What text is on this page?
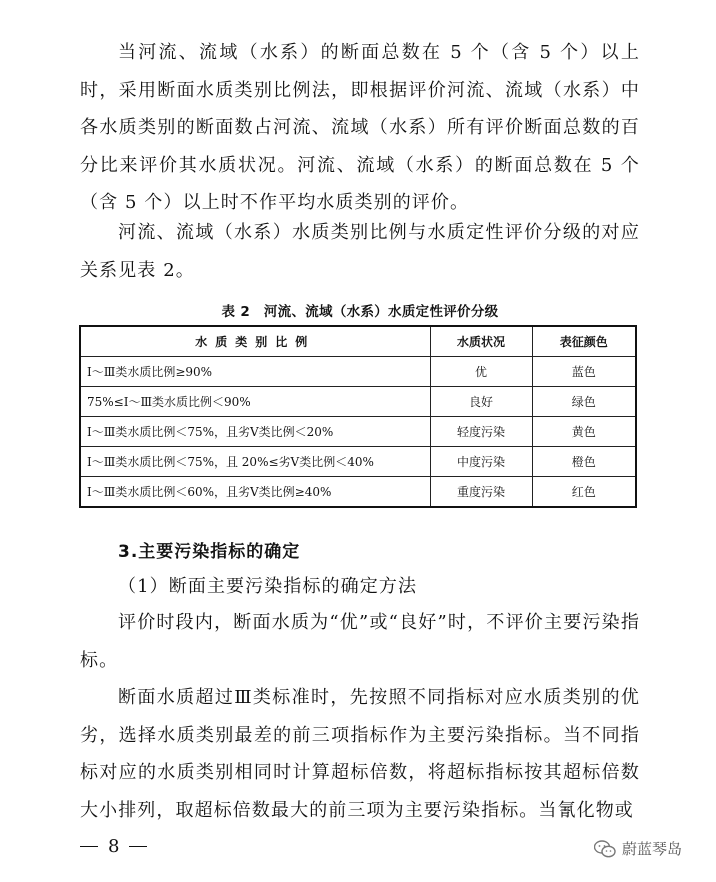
当河流、流域（水系）的断面总数在 5 个（含 5 个）以上时，采用断面水质类别比例法，即根据评价河流、流域（水系）中各水质类别的断面数占河流、流域（水系）所有评价断面总数的百分比来评价其水质状况。河流、流域（水系）的断面总数在 5 个（含 5 个）以上时不作平均水质类别的评价。

河流、流域（水系）水质类别比例与水质定性评价分级的对应关系见表 2。

表 2　河流、流域（水系）水质定性评价分级
水质类别比例	水质状况	表征颜色
Ⅰ～Ⅲ类水质比例≥90%	优	蓝色
75%≤Ⅰ～Ⅲ类水质比例＜90%	良好	绿色
Ⅰ～Ⅲ类水质比例＜75%，且劣Ⅴ类比例＜20%	轻度污染	黄色
Ⅰ～Ⅲ类水质比例＜75%，且 20%≤劣Ⅴ类比例＜40%	中度污染	橙色
Ⅰ～Ⅲ类水质比例＜60%，且劣Ⅴ类比例≥40%	重度污染	红色
3.主要污染指标的确定
（1）断面主要污染指标的确定方法

评价时段内，断面水质为“优”或“良好”时，不评价主要污染指标。

断面水质超过Ⅲ类标准时，先按照不同指标对应水质类别的优劣，选择水质类别最差的前三项指标作为主要污染指标。当不同指标对应的水质类别相同时计算超标倍数，将超标指标按其超标倍数大小排列，取超标倍数最大的前三项为主要污染指标。当氰化物或

8	蔚蓝琴岛
